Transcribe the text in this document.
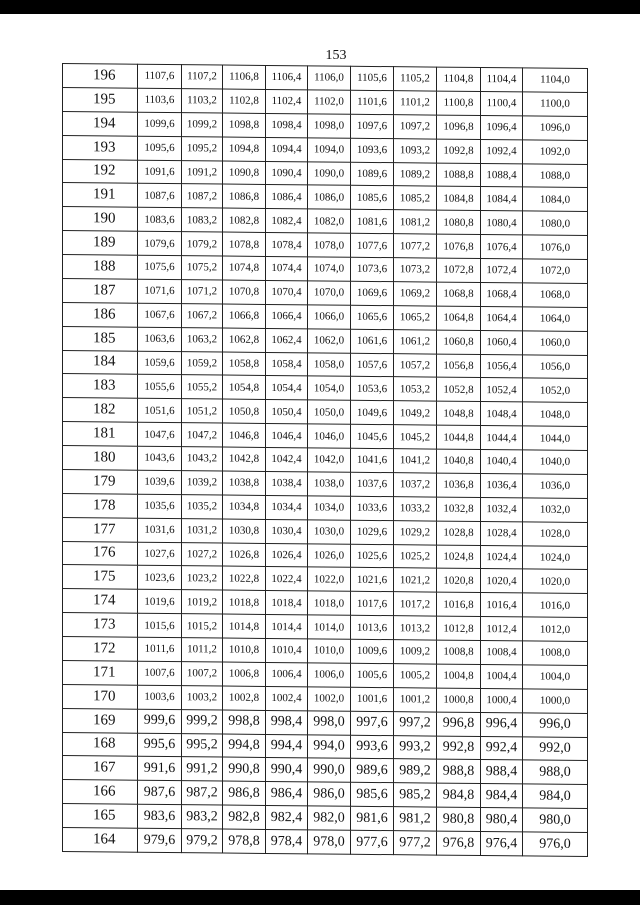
153
196	1107,6	1107,2	1106,8	1106,4	1106,0	1105,6	1105,2	1104,8	1104,4	1104,0
195	1103,6	1103,2	1102,8	1102,4	1102,0	1101,6	1101,2	1100,8	1100,4	1100,0
194	1099,6	1099,2	1098,8	1098,4	1098,0	1097,6	1097,2	1096,8	1096,4	1096,0
193	1095,6	1095,2	1094,8	1094,4	1094,0	1093,6	1093,2	1092,8	1092,4	1092,0
192	1091,6	1091,2	1090,8	1090,4	1090,0	1089,6	1089,2	1088,8	1088,4	1088,0
191	1087,6	1087,2	1086,8	1086,4	1086,0	1085,6	1085,2	1084,8	1084,4	1084,0
190	1083,6	1083,2	1082,8	1082,4	1082,0	1081,6	1081,2	1080,8	1080,4	1080,0
189	1079,6	1079,2	1078,8	1078,4	1078,0	1077,6	1077,2	1076,8	1076,4	1076,0
188	1075,6	1075,2	1074,8	1074,4	1074,0	1073,6	1073,2	1072,8	1072,4	1072,0
187	1071,6	1071,2	1070,8	1070,4	1070,0	1069,6	1069,2	1068,8	1068,4	1068,0
186	1067,6	1067,2	1066,8	1066,4	1066,0	1065,6	1065,2	1064,8	1064,4	1064,0
185	1063,6	1063,2	1062,8	1062,4	1062,0	1061,6	1061,2	1060,8	1060,4	1060,0
184	1059,6	1059,2	1058,8	1058,4	1058,0	1057,6	1057,2	1056,8	1056,4	1056,0
183	1055,6	1055,2	1054,8	1054,4	1054,0	1053,6	1053,2	1052,8	1052,4	1052,0
182	1051,6	1051,2	1050,8	1050,4	1050,0	1049,6	1049,2	1048,8	1048,4	1048,0
181	1047,6	1047,2	1046,8	1046,4	1046,0	1045,6	1045,2	1044,8	1044,4	1044,0
180	1043,6	1043,2	1042,8	1042,4	1042,0	1041,6	1041,2	1040,8	1040,4	1040,0
179	1039,6	1039,2	1038,8	1038,4	1038,0	1037,6	1037,2	1036,8	1036,4	1036,0
178	1035,6	1035,2	1034,8	1034,4	1034,0	1033,6	1033,2	1032,8	1032,4	1032,0
177	1031,6	1031,2	1030,8	1030,4	1030,0	1029,6	1029,2	1028,8	1028,4	1028,0
176	1027,6	1027,2	1026,8	1026,4	1026,0	1025,6	1025,2	1024,8	1024,4	1024,0
175	1023,6	1023,2	1022,8	1022,4	1022,0	1021,6	1021,2	1020,8	1020,4	1020,0
174	1019,6	1019,2	1018,8	1018,4	1018,0	1017,6	1017,2	1016,8	1016,4	1016,0
173	1015,6	1015,2	1014,8	1014,4	1014,0	1013,6	1013,2	1012,8	1012,4	1012,0
172	1011,6	1011,2	1010,8	1010,4	1010,0	1009,6	1009,2	1008,8	1008,4	1008,0
171	1007,6	1007,2	1006,8	1006,4	1006,0	1005,6	1005,2	1004,8	1004,4	1004,0
170	1003,6	1003,2	1002,8	1002,4	1002,0	1001,6	1001,2	1000,8	1000,4	1000,0
169	999,6	999,2	998,8	998,4	998,0	997,6	997,2	996,8	996,4	996,0
168	995,6	995,2	994,8	994,4	994,0	993,6	993,2	992,8	992,4	992,0
167	991,6	991,2	990,8	990,4	990,0	989,6	989,2	988,8	988,4	988,0
166	987,6	987,2	986,8	986,4	986,0	985,6	985,2	984,8	984,4	984,0
165	983,6	983,2	982,8	982,4	982,0	981,6	981,2	980,8	980,4	980,0
164	979,6	979,2	978,8	978,4	978,0	977,6	977,2	976,8	976,4	976,0
